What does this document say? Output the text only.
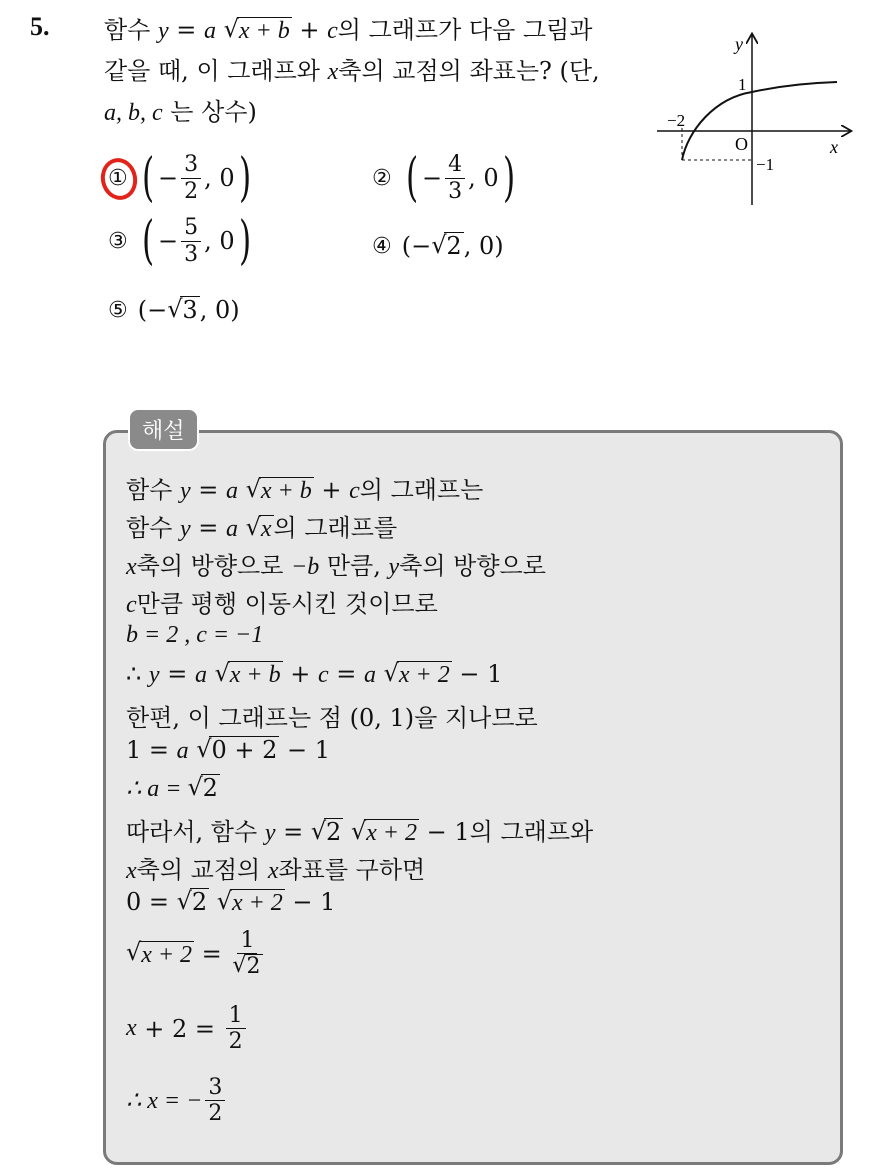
5. 함수 y = a √ x + b + c의 그래프가 다음 그림과
같을 때, 이 그래프와 x축의 교점의 좌표는? (단,
a, b, c 는 상수)
① ( − $\frac{3}{2}$ , 0 )	② ( − $\frac{4}{3}$ , 0 )
③ ( − $\frac{5}{3}$ , 0 )	④ (− √ 2 , 0)
⑤ (− √ 3 , 0)
y
x
O
1
−2
−1
해설
함수 y = a √ x + b + c의 그래프는
함수 y = a √ x의 그래프를
x축의 방향으로 −b 만큼, y축의 방향으로
c만큼 평행 이동시킨 것이므로
b = 2 , c = −1
∴ y = a √ x + b + c = a √ x + 2 − 1
한편, 이 그래프는 점 (0, 1)을 지나므로
1 = a √ 0 + 2 − 1
∴ a = √ 2
따라서, 함수 y = √ 2 √ x + 2 − 1의 그래프와
x축의 교점의 x좌표를 구하면
0 = √ 2 √ x + 2 − 1
√ x + 2 = 1
√ 2
$x + 2 = \frac{1}{2}$
∴ x = − $\frac{3}{2}$
